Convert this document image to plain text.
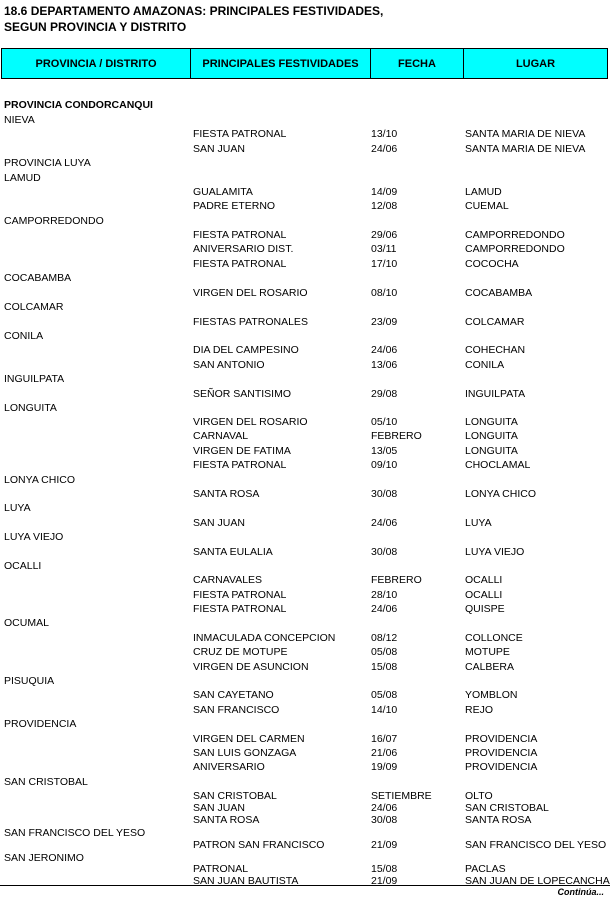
18.6 DEPARTAMENTO AMAZONAS: PRINCIPALES FESTIVIDADES,
SEGUN PROVINCIA Y DISTRITO
PROVINCIA / DISTRITO	PRINCIPALES FESTIVIDADES	FECHA	LUGAR
PROVINCIA CONDORCANQUI
NIEVA
FIESTA PATRONAL	13/10	SANTA MARIA DE NIEVA
SAN JUAN	24/06	SANTA MARIA DE NIEVA
PROVINCIA LUYA
LAMUD
GUALAMITA	14/09	LAMUD
PADRE ETERNO	12/08	CUEMAL
CAMPORREDONDO
FIESTA PATRONAL	29/06	CAMPORREDONDO
ANIVERSARIO DIST.	03/11	CAMPORREDONDO
FIESTA PATRONAL	17/10	COCOCHA
COCABAMBA
VIRGEN DEL ROSARIO	08/10	COCABAMBA
COLCAMAR
FIESTAS PATRONALES	23/09	COLCAMAR
CONILA
DIA DEL CAMPESINO	24/06	COHECHAN
SAN ANTONIO	13/06	CONILA
INGUILPATA
SEÑOR SANTISIMO	29/08	INGUILPATA
LONGUITA
VIRGEN DEL ROSARIO	05/10	LONGUITA
CARNAVAL	FEBRERO	LONGUITA
VIRGEN DE FATIMA	13/05	LONGUITA
FIESTA PATRONAL	09/10	CHOCLAMAL
LONYA CHICO
SANTA ROSA	30/08	LONYA CHICO
LUYA
SAN JUAN	24/06	LUYA
LUYA VIEJO
SANTA EULALIA	30/08	LUYA VIEJO
OCALLI
CARNAVALES	FEBRERO	OCALLI
FIESTA PATRONAL	28/10	OCALLI
FIESTA PATRONAL	24/06	QUISPE
OCUMAL
INMACULADA CONCEPCION	08/12	COLLONCE
CRUZ DE MOTUPE	05/08	MOTUPE
VIRGEN DE ASUNCION	15/08	CALBERA
PISUQUIA
SAN CAYETANO	05/08	YOMBLON
SAN FRANCISCO	14/10	REJO
PROVIDENCIA
VIRGEN DEL CARMEN	16/07	PROVIDENCIA
SAN LUIS GONZAGA	21/06	PROVIDENCIA
ANIVERSARIO	19/09	PROVIDENCIA
SAN CRISTOBAL
SAN CRISTOBAL	SETIEMBRE	OLTO
SAN JUAN	24/06	SAN CRISTOBAL
SANTA ROSA	30/08	SANTA ROSA
SAN FRANCISCO DEL YESO
PATRON SAN FRANCISCO	21/09	SAN FRANCISCO DEL YESO
SAN JERONIMO
PATRONAL	15/08	PACLAS
SAN JUAN BAUTISTA	21/09	SAN JUAN DE LOPECANCHA
Continúa...
